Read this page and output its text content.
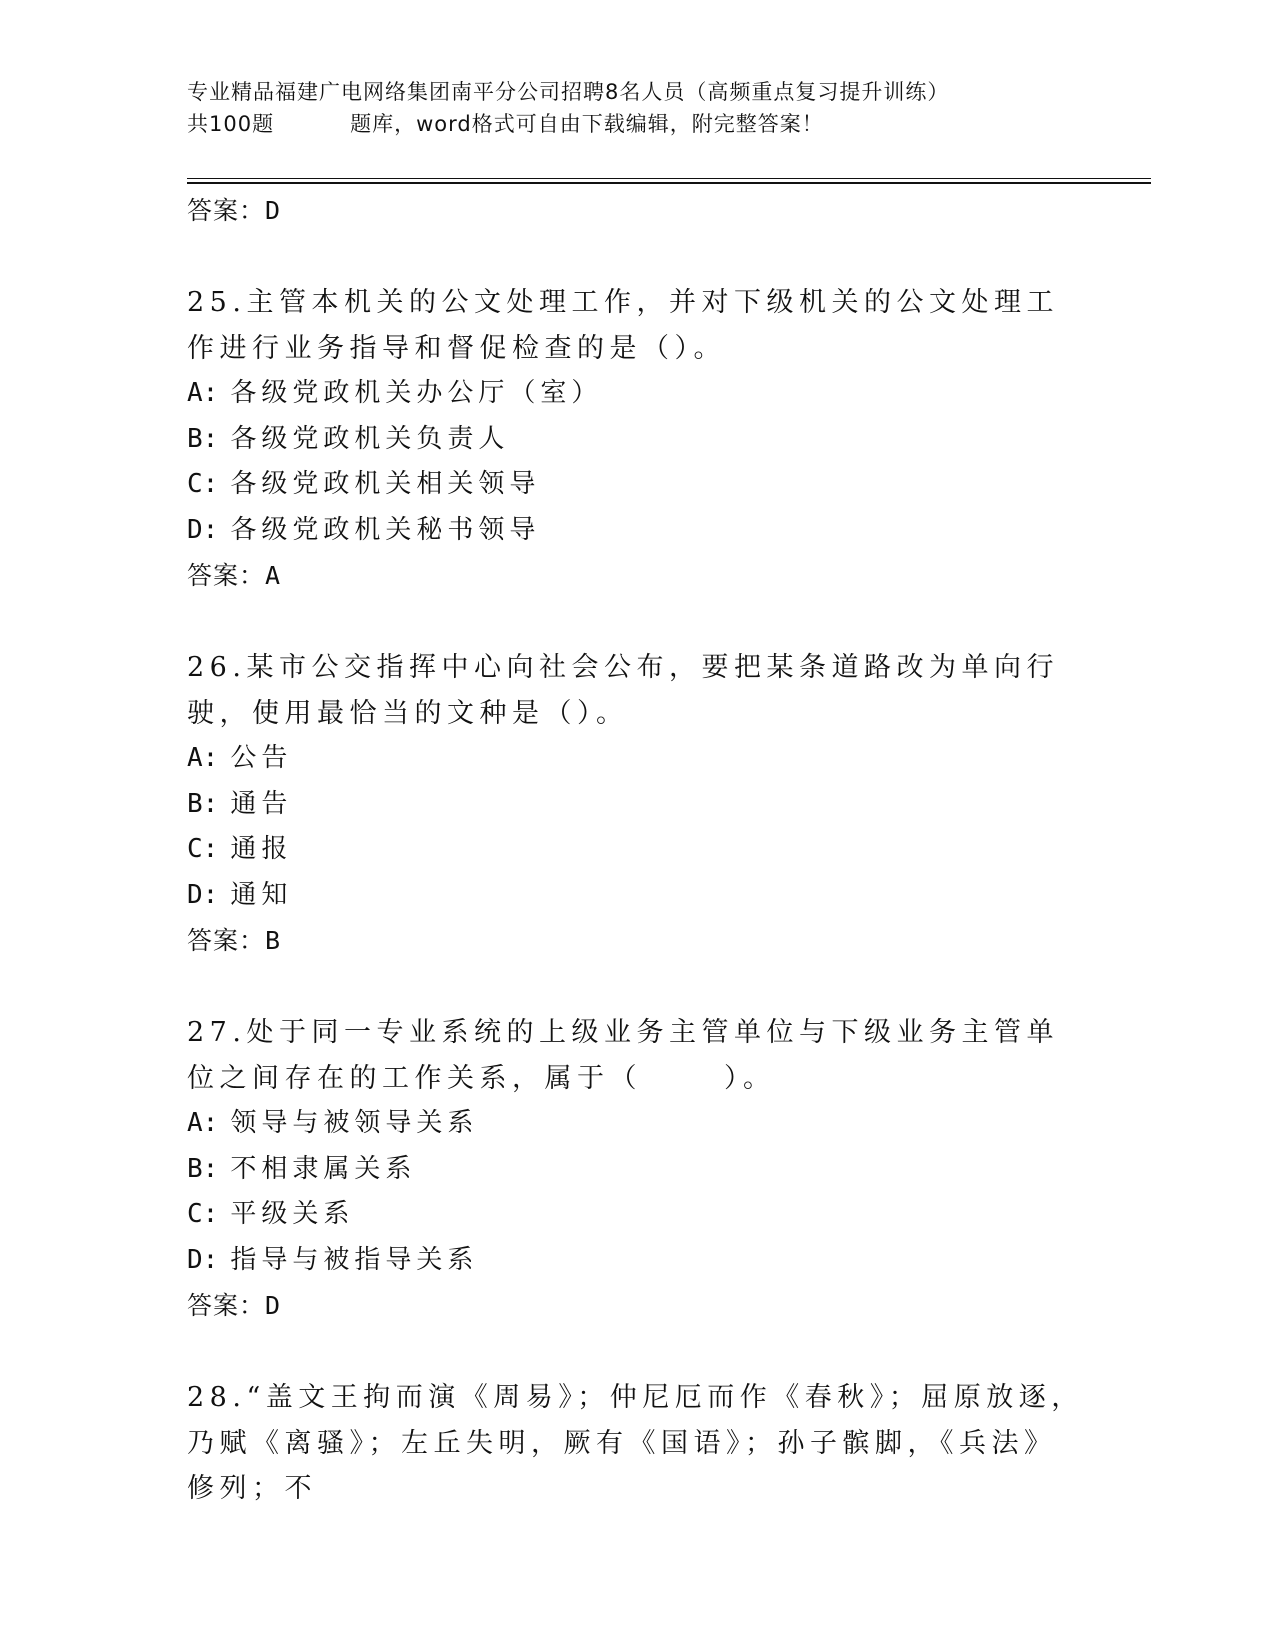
专业精品福建广电网络集团南平分公司招聘8名人员（高频重点复习提升训练）
共100题	题库，word格式可自由下载编辑，附完整答案！
答案：D
25.主管本机关的公文处理工作，并对下级机关的公文处理工作进行业务指导和督促检查的是（）。
A: 各级党政机关办公厅（室）
B: 各级党政机关负责人
C: 各级党政机关相关领导
D: 各级党政机关秘书领导
答案：A
26.某市公交指挥中心向社会公布，要把某条道路改为单向行驶，使用最恰当的文种是（）。
A: 公告
B: 通告
C: 通报
D: 通知
答案：B
27.处于同一专业系统的上级业务主管单位与下级业务主管单位之间存在的工作关系，属于（	）。
A: 领导与被领导关系
B: 不相隶属关系
C: 平级关系
D: 指导与被指导关系
答案：D
28.“盖文王拘而演《周易》；仲尼厄而作《春秋》；屈原放逐，乃赋《离骚》；左丘失明，厥有《国语》；孙子髌脚，《兵法》修列；不
